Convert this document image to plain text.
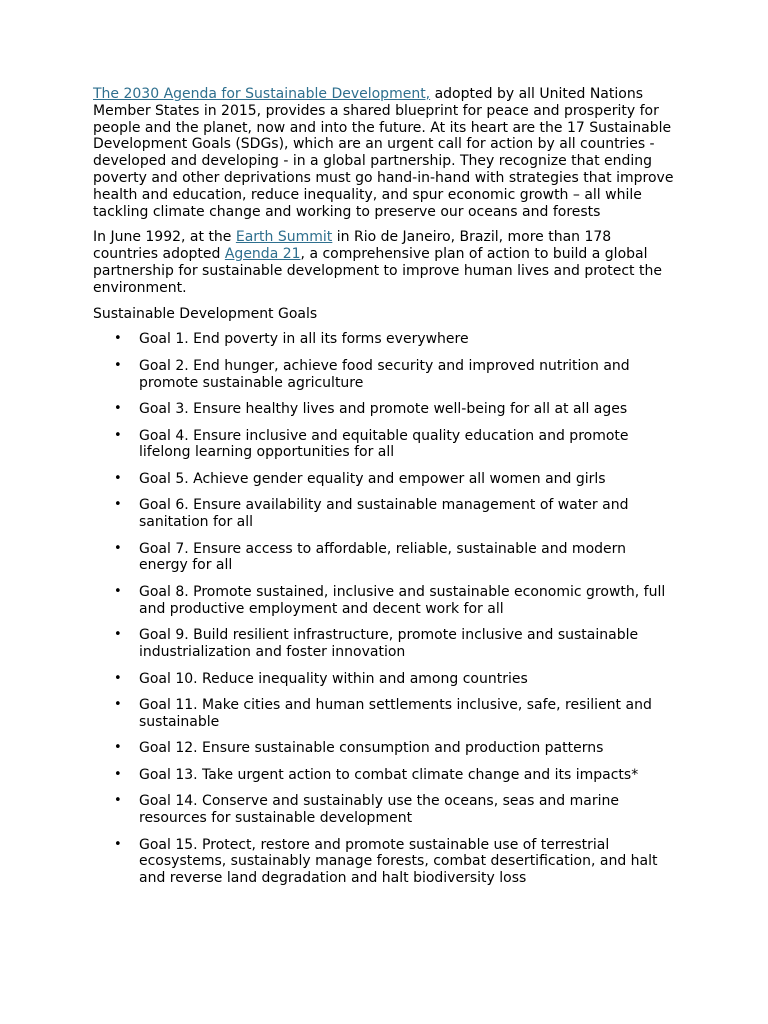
The 2030 Agenda for Sustainable Development, adopted by all United Nations Member States in 2015, provides a shared blueprint for peace and prosperity for people and the planet, now and into the future. At its heart are the 17 Sustainable Development Goals (SDGs), which are an urgent call for action by all countries - developed and developing - in a global partnership. They recognize that ending poverty and other deprivations must go hand-in-hand with strategies that improve health and education, reduce inequality, and spur economic growth – all while tackling climate change and working to preserve our oceans and forests

In June 1992, at the Earth Summit in Rio de Janeiro, Brazil, more than 178 countries adopted Agenda 21, a comprehensive plan of action to build a global partnership for sustainable development to improve human lives and protect the environment.

Sustainable Development Goals

• Goal 1. End poverty in all its forms everywhere
• Goal 2. End hunger, achieve food security and improved nutrition and promote sustainable agriculture
• Goal 3. Ensure healthy lives and promote well-being for all at all ages
• Goal 4. Ensure inclusive and equitable quality education and promote lifelong learning opportunities for all
• Goal 5. Achieve gender equality and empower all women and girls
• Goal 6. Ensure availability and sustainable management of water and sanitation for all
• Goal 7. Ensure access to affordable, reliable, sustainable and modern energy for all
• Goal 8. Promote sustained, inclusive and sustainable economic growth, full and productive employment and decent work for all
• Goal 9. Build resilient infrastructure, promote inclusive and sustainable industrialization and foster innovation
• Goal 10. Reduce inequality within and among countries
• Goal 11. Make cities and human settlements inclusive, safe, resilient and sustainable
• Goal 12. Ensure sustainable consumption and production patterns
• Goal 13. Take urgent action to combat climate change and its impacts*
• Goal 14. Conserve and sustainably use the oceans, seas and marine resources for sustainable development
• Goal 15. Protect, restore and promote sustainable use of terrestrial ecosystems, sustainably manage forests, combat desertification, and halt and reverse land degradation and halt biodiversity loss
